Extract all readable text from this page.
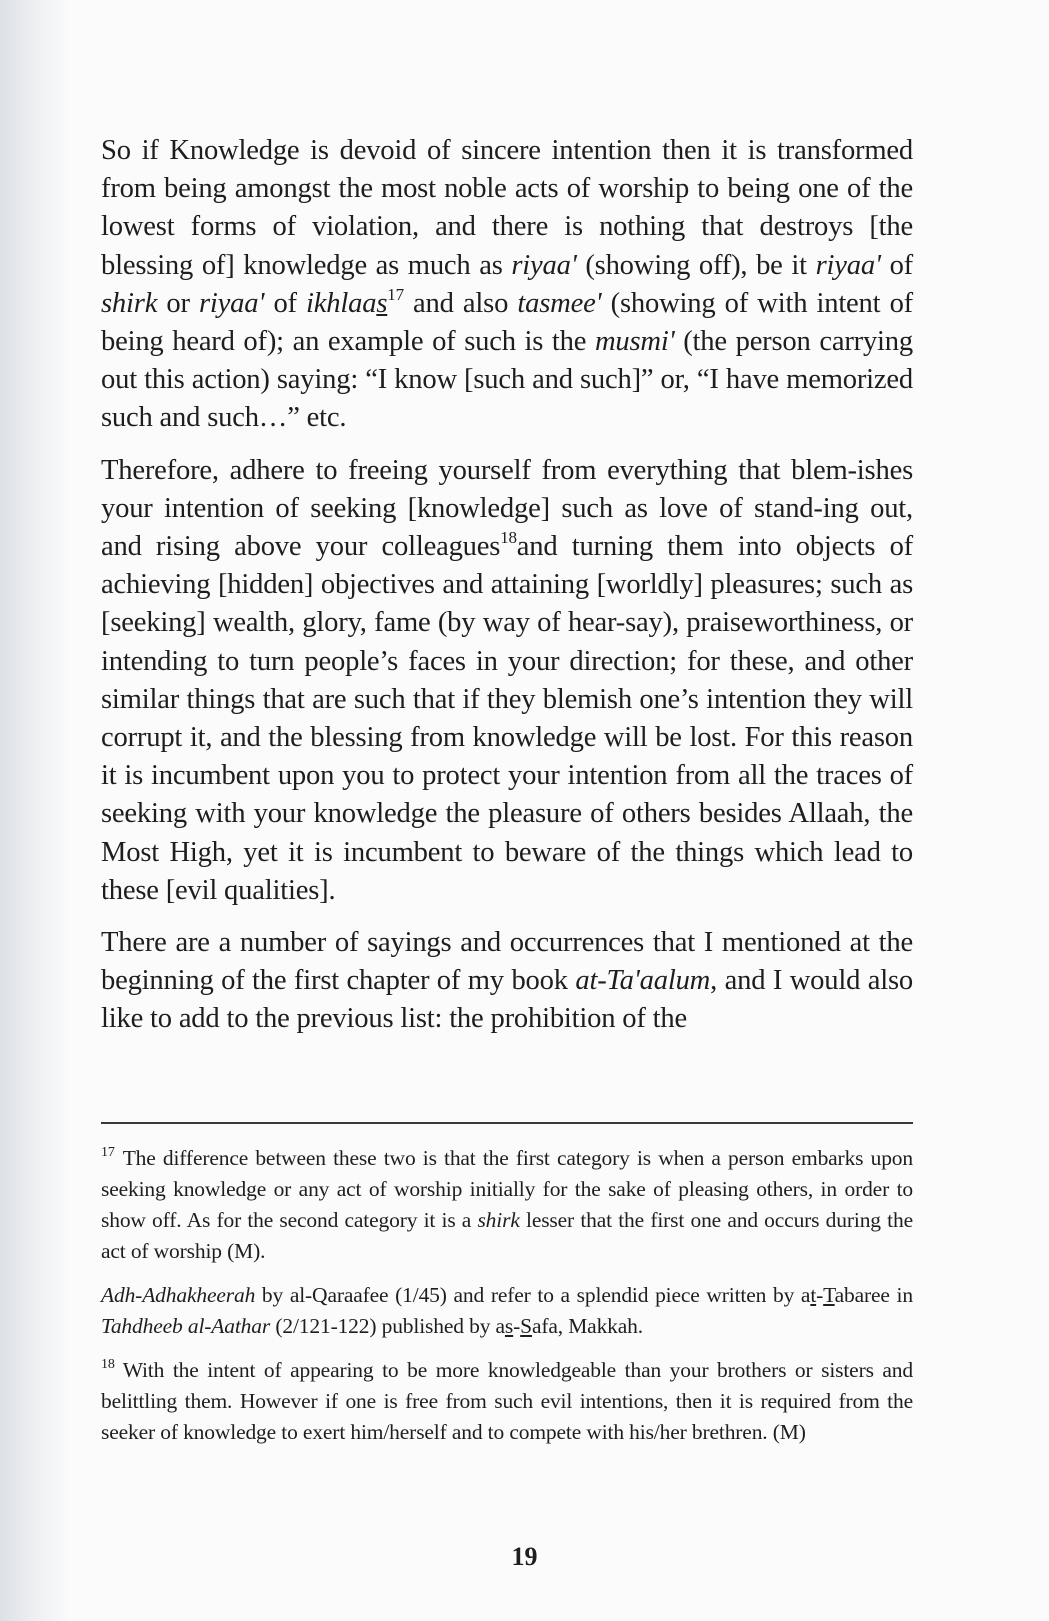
So if Knowledge is devoid of sincere intention then it is transformed from being amongst the most noble acts of worship to being one of the lowest forms of violation, and there is nothing that destroys [the blessing of] knowledge as much as riyaa' (showing off), be it riyaa' of shirk or riyaa' of ikhlaas$^{17}$ and also tasmee' (showing of with intent of being heard of); an example of such is the musmi' (the person carrying out this action) saying: “I know [such and such]” or, “I have memorized such and such…” etc.

Therefore, adhere to freeing yourself from everything that blem-ishes your intention of seeking [knowledge] such as love of stand-ing out, and rising above your colleagues$^{18}$and turning them into objects of achieving [hidden] objectives and attaining [worldly] pleasures; such as [seeking] wealth, glory, fame (by way of hear-say), praiseworthiness, or intending to turn people’s faces in your direction; for these, and other similar things that are such that if they blemish one’s intention they will corrupt it, and the blessing from knowledge will be lost. For this reason it is incumbent upon you to protect your intention from all the traces of seeking with your knowledge the pleasure of others besides Allaah, the Most High, yet it is incumbent to beware of the things which lead to these [evil qualities].

There are a number of sayings and occurrences that I mentioned at the beginning of the first chapter of my book at-Ta'aalum, and I would also like to add to the previous list: the prohibition of the

$^{17}$ The difference between these two is that the first category is when a person embarks upon seeking knowledge or any act of worship initially for the sake of pleasing others, in order to show off. As for the second category it is a shirk lesser that the first one and occurs during the act of worship (M).

Adh-Adhakheerah by al-Qaraafee (1/45) and refer to a splendid piece written by at-Tabaree in Tahdheeb al-Aathar (2/121-122) published by as-Safa, Makkah.

$^{18}$ With the intent of appearing to be more knowledgeable than your brothers or sisters and belittling them. However if one is free from such evil intentions, then it is required from the seeker of knowledge to exert him/herself and to compete with his/her brethren. (M)

19
